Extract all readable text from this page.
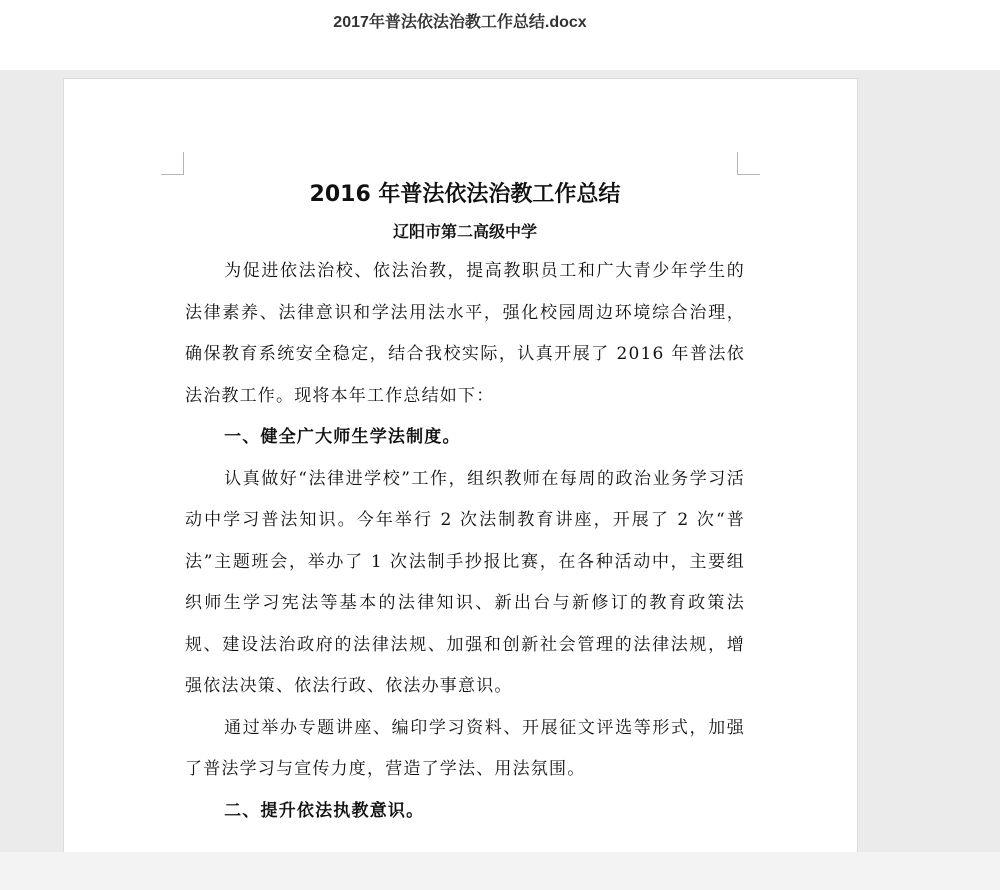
2017年普法依法治教工作总结.docx
2016 年普法依法治教工作总结
辽阳市第二高级中学

为促进依法治校、依法治教，提高教职员工和广大青少年学生的法律素养、法律意识和学法用法水平，强化校园周边环境综合治理，确保教育系统安全稳定，结合我校实际，认真开展了 2016 年普法依法治教工作。现将本年工作总结如下：

一、健全广大师生学法制度。

认真做好“法律进学校”工作，组织教师在每周的政治业务学习活动中学习普法知识。今年举行 2 次法制教育讲座，开展了 2 次“普法”主题班会，举办了 1 次法制手抄报比赛，在各种活动中，主要组织师生学习宪法等基本的法律知识、新出台与新修订的教育政策法规、建设法治政府的法律法规、加强和创新社会管理的法律法规，增强依法决策、依法行政、依法办事意识。

通过举办专题讲座、编印学习资料、开展征文评选等形式，加强了普法学习与宣传力度，营造了学法、用法氛围。

二、提升依法执教意识。
